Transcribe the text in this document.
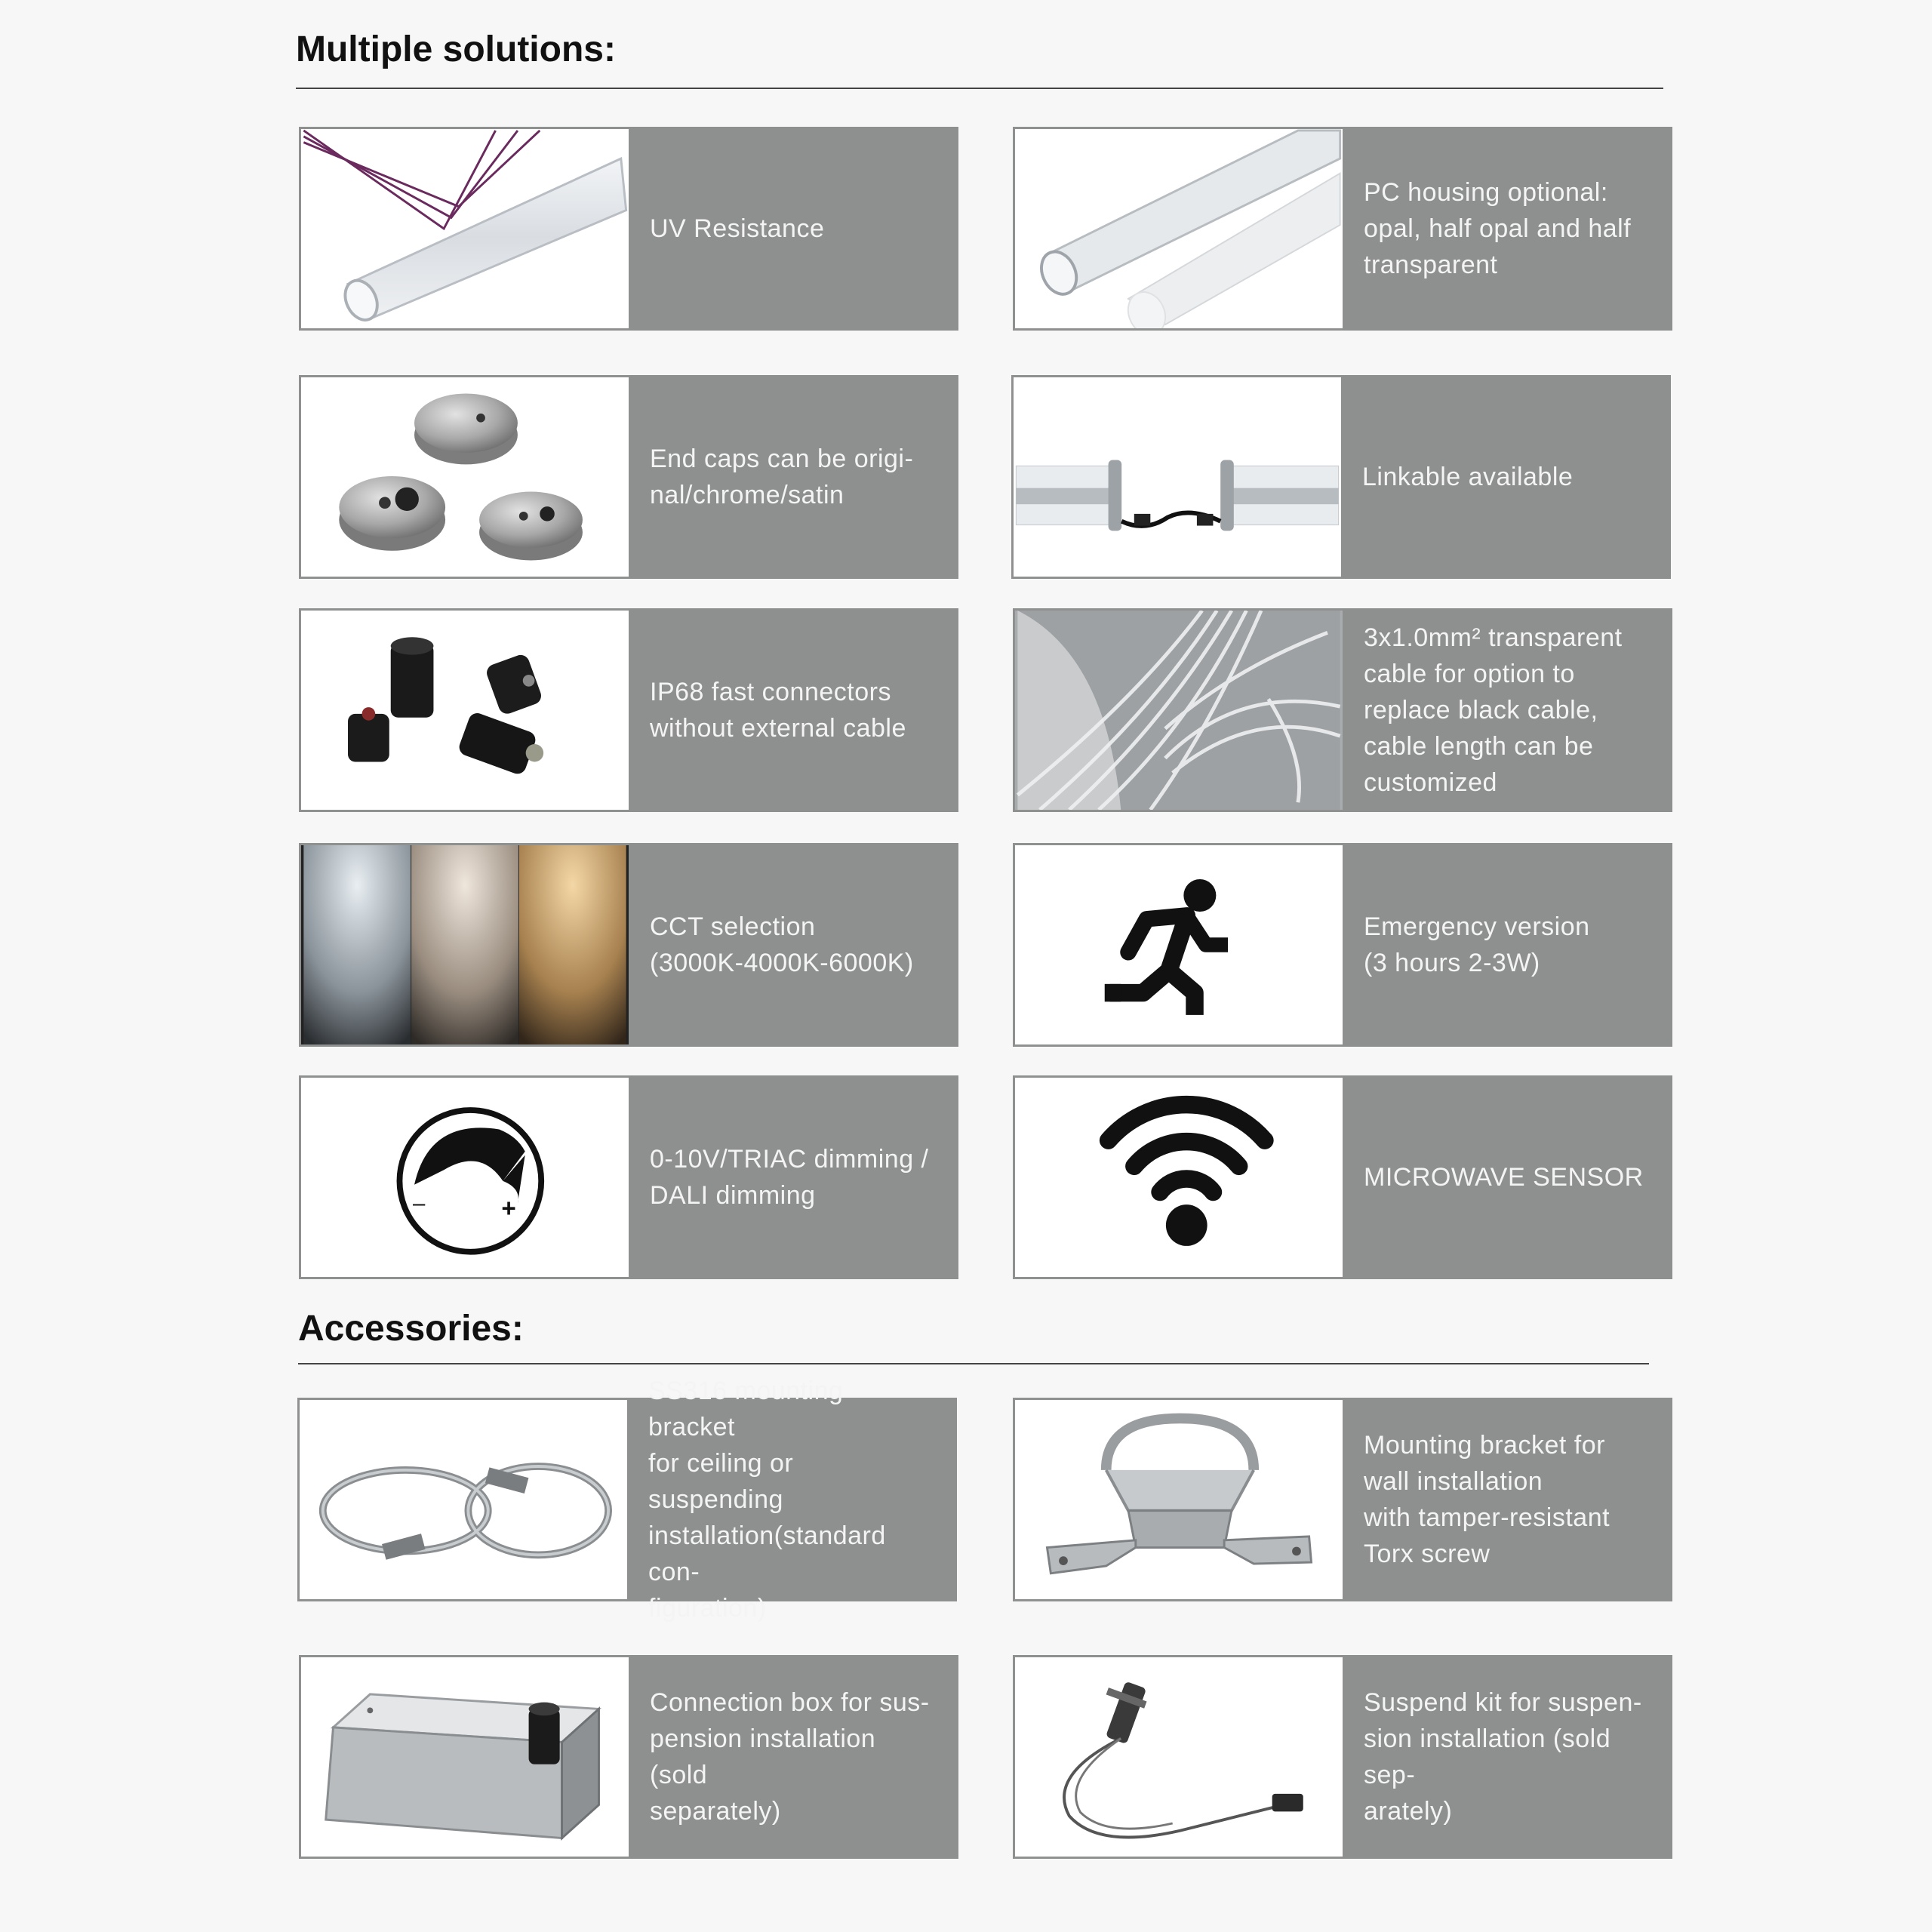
Multiple solutions:
Accessories:
UV Resistance
PC housing optional:
opal, half opal and half
transparent
End caps can be origi-
nal/chrome/satin
Linkable available
IP68 fast connectors
without external cable
3x1.0mm² transparent
cable for option to
replace black cable,
cable length can be
customized
CCT selection
(3000K-4000K-6000K)
Emergency version
(3 hours 2-3W)
–	+
0-10V/TRIAC dimming /
DALI dimming
MICROWAVE SENSOR
SS316 mounting bracket
for ceiling or suspending
installation(standard con-
figuration)
Mounting bracket for
wall installation
with tamper-resistant
Torx screw
Connection box for sus-
pension installation (sold
separately)
Suspend kit for suspen-
sion installation (sold sep-
arately)
